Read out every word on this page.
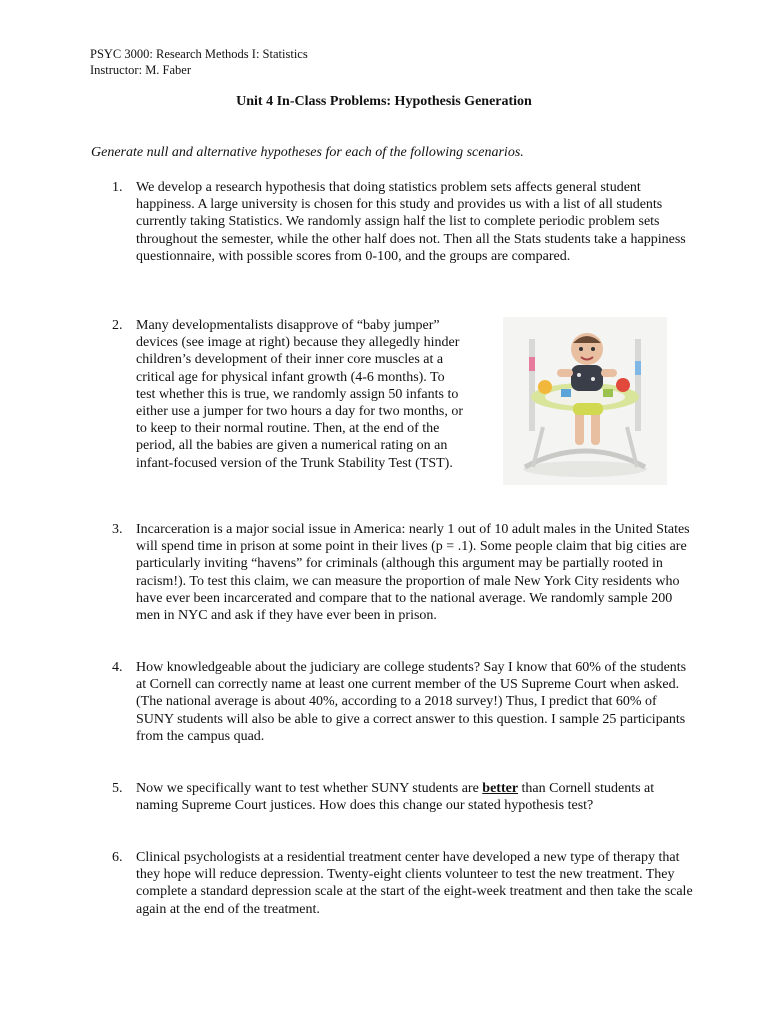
PSYC 3000: Research Methods I: Statistics
Instructor: M. Faber
Unit 4 In-Class Problems: Hypothesis Generation
Generate null and alternative hypotheses for each of the following scenarios.
1. We develop a research hypothesis that doing statistics problem sets affects general student happiness. A large university is chosen for this study and provides us with a list of all students currently taking Statistics. We randomly assign half the list to complete periodic problem sets throughout the semester, while the other half does not. Then all the Stats students take a happiness questionnaire, with possible scores from 0-100, and the groups are compared.
2. Many developmentalists disapprove of “baby jumper” devices (see image at right) because they allegedly hinder children’s development of their inner core muscles at a critical age for physical infant growth (4-6 months). To test whether this is true, we randomly assign 50 infants to either use a jumper for two hours a day for two months, or to keep to their normal routine. Then, at the end of the period, all the babies are given a numerical rating on an infant-focused version of the Trunk Stability Test (TST).
3. Incarceration is a major social issue in America: nearly 1 out of 10 adult males in the United States will spend time in prison at some point in their lives (p = .1). Some people claim that big cities are particularly inviting “havens” for criminals (although this argument may be partially rooted in racism!). To test this claim, we can measure the proportion of male New York City residents who have ever been incarcerated and compare that to the national average. We randomly sample 200 men in NYC and ask if they have ever been in prison.
4. How knowledgeable about the judiciary are college students? Say I know that 60% of the students at Cornell can correctly name at least one current member of the US Supreme Court when asked. (The national average is about 40%, according to a 2018 survey!) Thus, I predict that 60% of SUNY students will also be able to give a correct answer to this question. I sample 25 participants from the campus quad.
5. Now we specifically want to test whether SUNY students are better than Cornell students at naming Supreme Court justices. How does this change our stated hypothesis test?
6. Clinical psychologists at a residential treatment center have developed a new type of therapy that they hope will reduce depression. Twenty-eight clients volunteer to test the new treatment. They complete a standard depression scale at the start of the eight-week treatment and then take the scale again at the end of the treatment.
